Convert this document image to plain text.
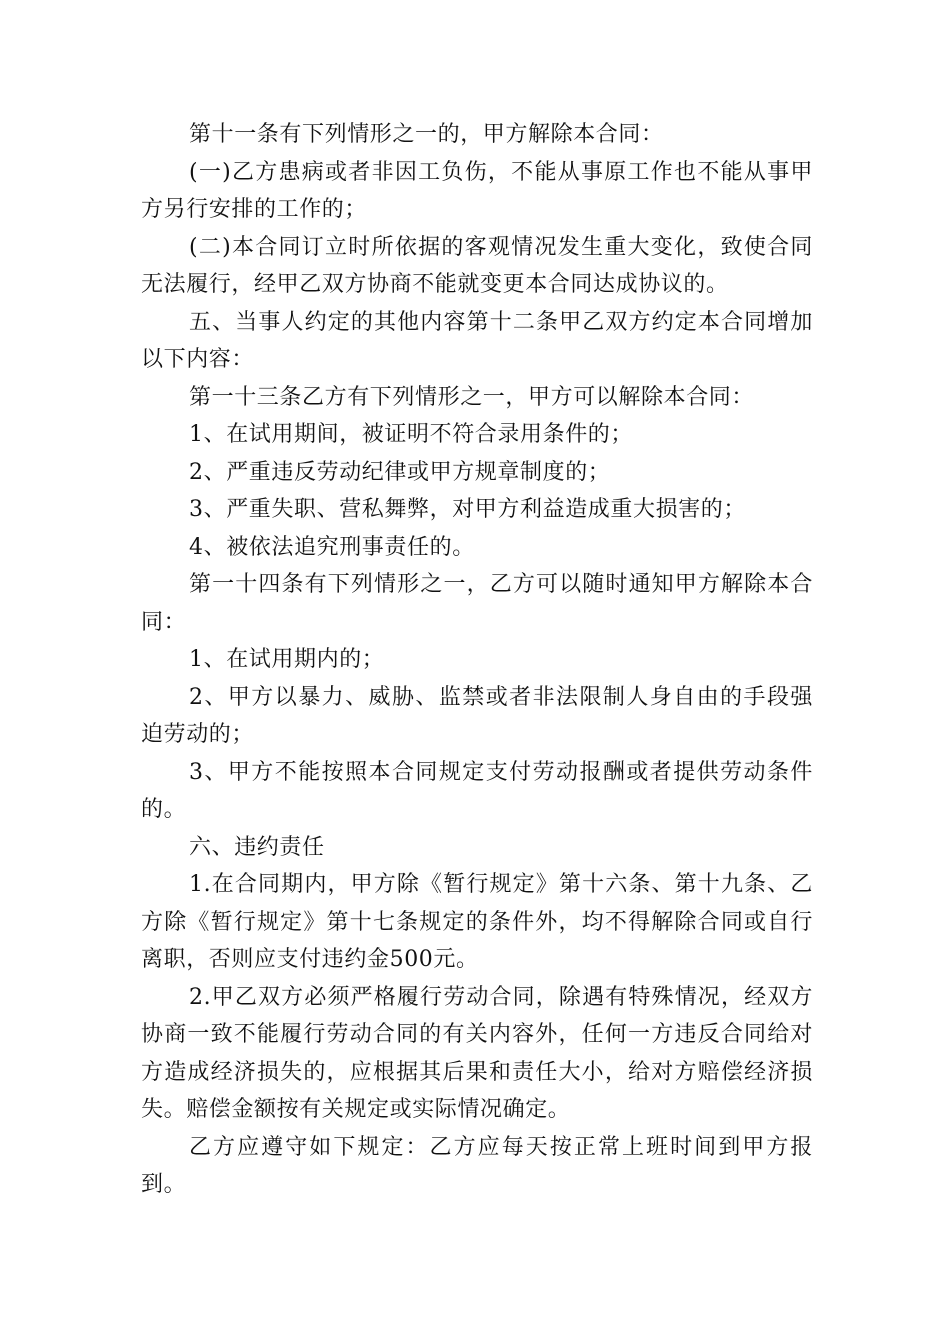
第十一条有下列情形之一的，甲方解除本合同：

(一)乙方患病或者非因工负伤，不能从事原工作也不能从事甲方另行安排的工作的；

(二)本合同订立时所依据的客观情况发生重大变化，致使合同无法履行，经甲乙双方协商不能就变更本合同达成协议的。

五、当事人约定的其他内容第十二条甲乙双方约定本合同增加以下内容：

第一十三条乙方有下列情形之一，甲方可以解除本合同：

1、在试用期间，被证明不符合录用条件的；

2、严重违反劳动纪律或甲方规章制度的；

3、严重失职、营私舞弊，对甲方利益造成重大损害的；

4、被依法追究刑事责任的。

第一十四条有下列情形之一，乙方可以随时通知甲方解除本合同：

1、在试用期内的；

2、甲方以暴力、威胁、监禁或者非法限制人身自由的手段强迫劳动的；

3、甲方不能按照本合同规定支付劳动报酬或者提供劳动条件的。

六、违约责任

1.在合同期内，甲方除《暂行规定》第十六条、第十九条、乙方除《暂行规定》第十七条规定的条件外，均不得解除合同或自行离职，否则应支付违约金500元。

2.甲乙双方必须严格履行劳动合同，除遇有特殊情况，经双方协商一致不能履行劳动合同的有关内容外，任何一方违反合同给对方造成经济损失的，应根据其后果和责任大小，给对方赔偿经济损失。赔偿金额按有关规定或实际情况确定。

乙方应遵守如下规定：乙方应每天按正常上班时间到甲方报到。
